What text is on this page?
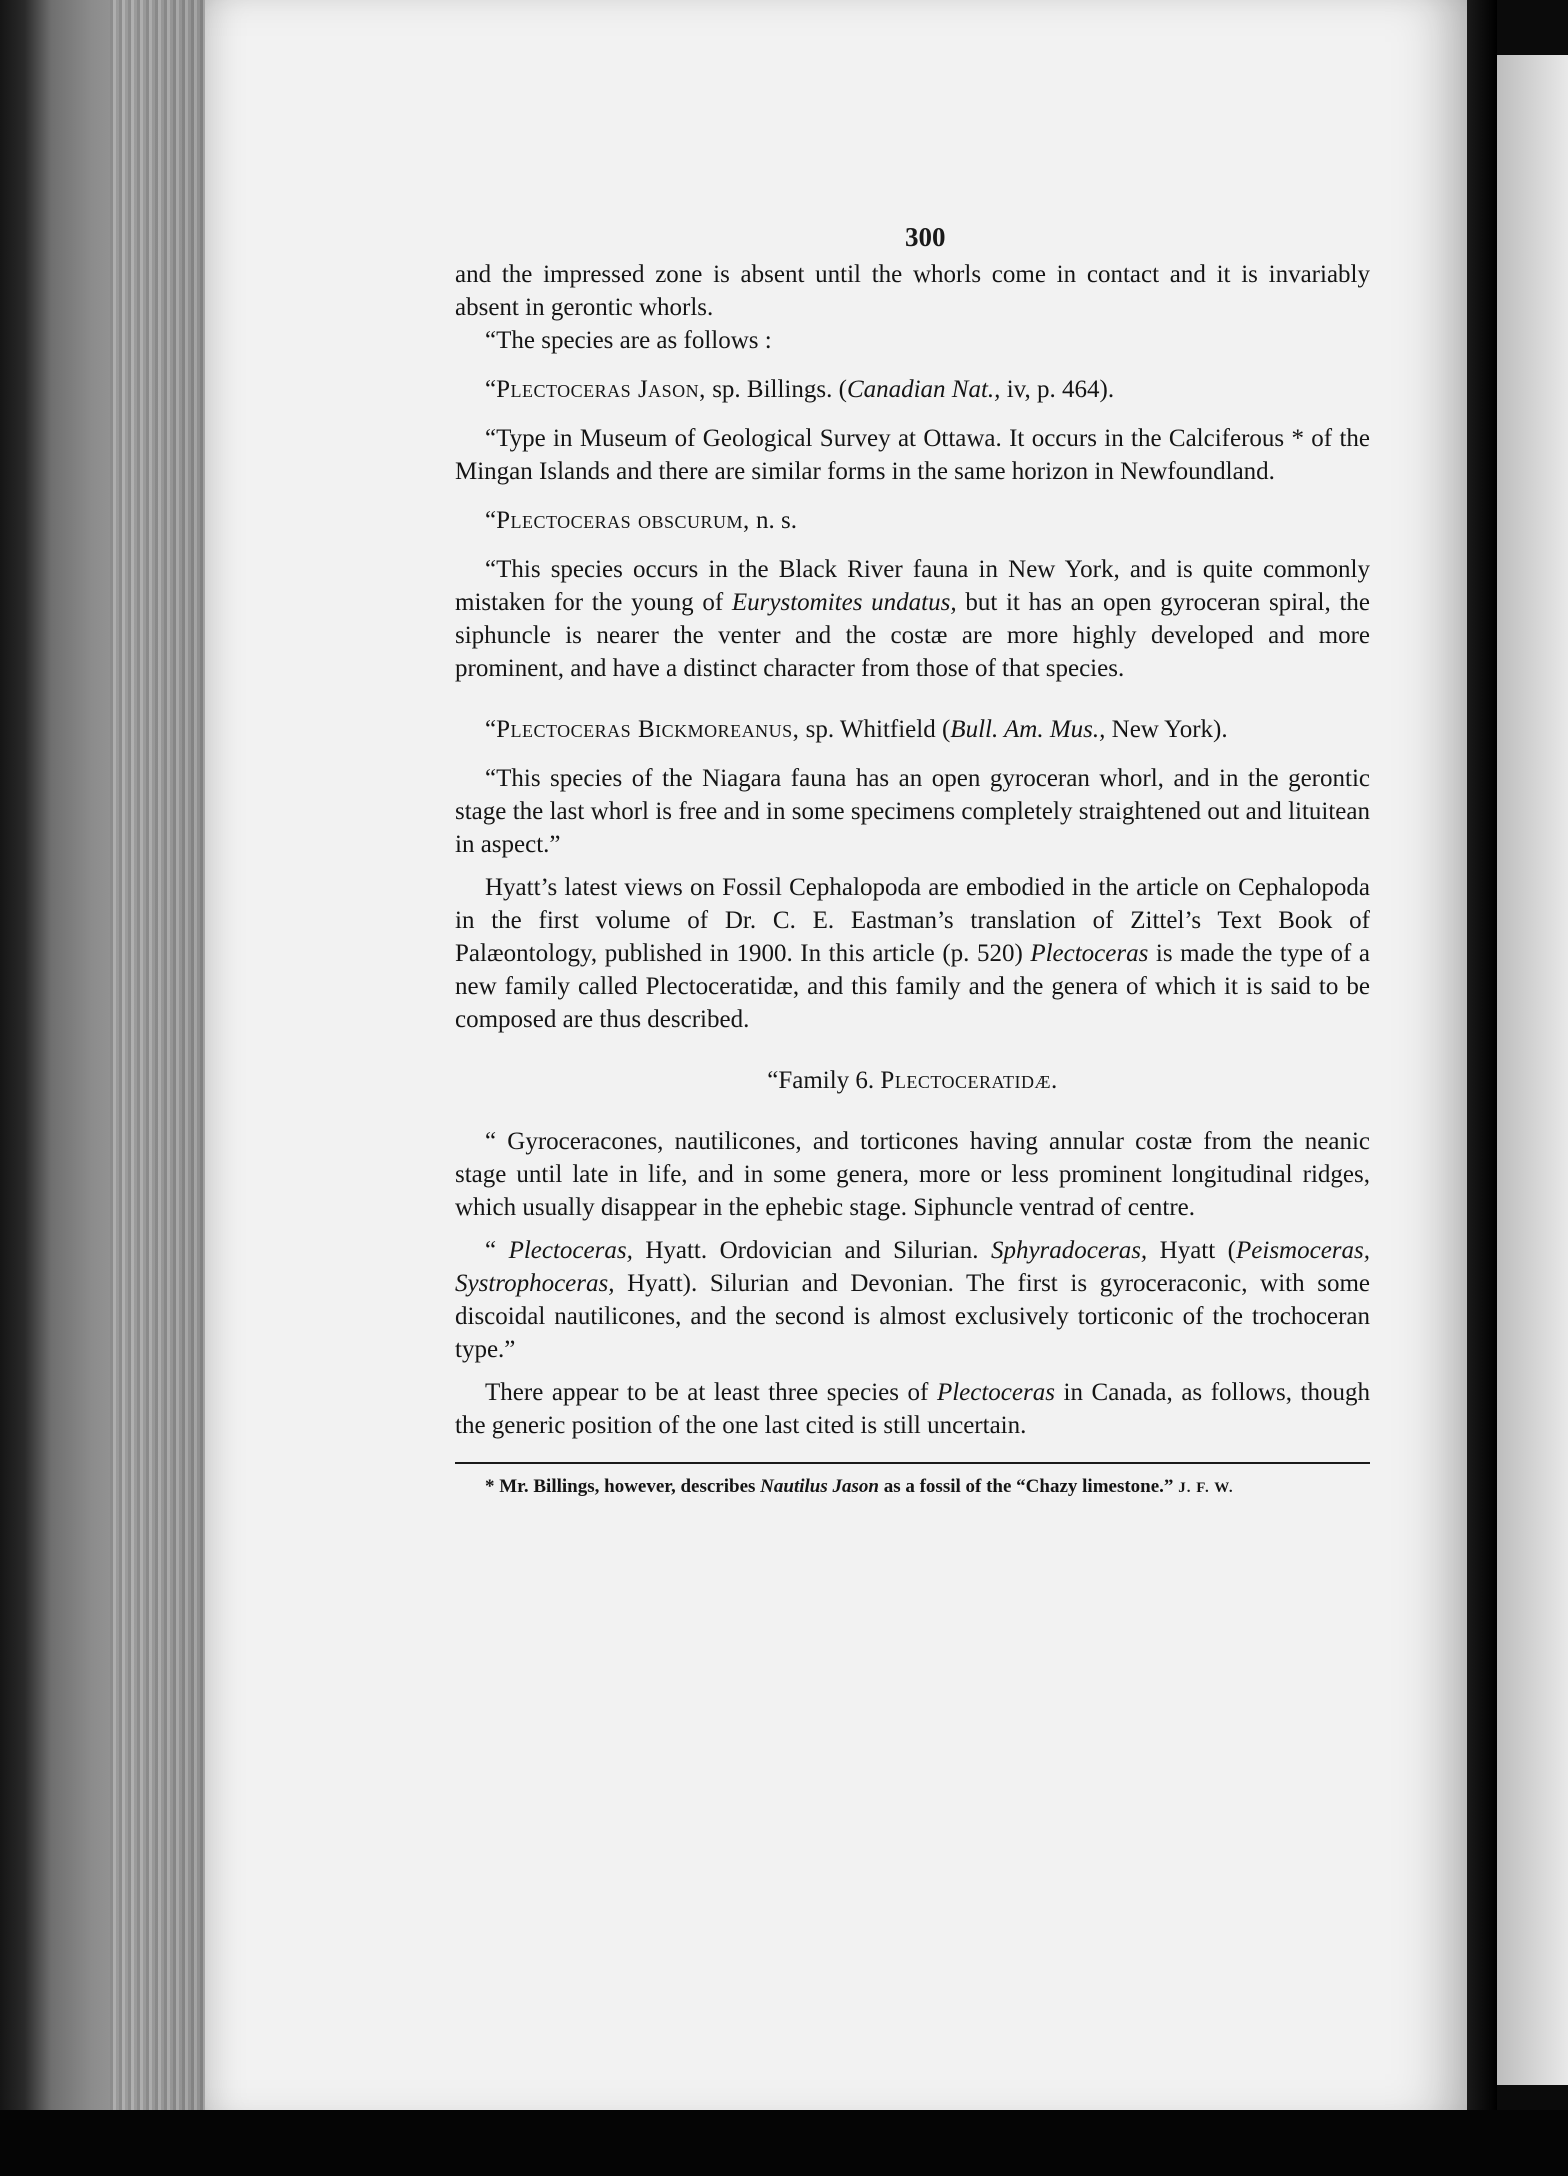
300

and the impressed zone is absent until the whorls come in contact and it is invariably absent in gerontic whorls.

“The species are as follows :

“Plectoceras Jason, sp. Billings. (Canadian Nat., iv, p. 464).

“Type in Museum of Geological Survey at Ottawa. It occurs in the Calciferous * of the Mingan Islands and there are similar forms in the same horizon in Newfoundland.

“Plectoceras obscurum, n. s.

“This species occurs in the Black River fauna in New York, and is quite commonly mistaken for the young of Eurystomites undatus, but it has an open gyroceran spiral, the siphuncle is nearer the venter and the costæ are more highly developed and more prominent, and have a distinct character from those of that species.

“Plectoceras Bickmoreanus, sp. Whitfield (Bull. Am. Mus., New York).

“This species of the Niagara fauna has an open gyroceran whorl, and in the gerontic stage the last whorl is free and in some specimens completely straightened out and lituitean in aspect.”

Hyatt’s latest views on Fossil Cephalopoda are embodied in the article on Cephalopoda in the first volume of Dr. C. E. Eastman’s translation of Zittel’s Text Book of Palæontology, published in 1900. In this article (p. 520) Plectoceras is made the type of a new family called Plectoceratidæ, and this family and the genera of which it is said to be composed are thus described.

“Family 6. Plectoceratidæ.

“ Gyroceracones, nautilicones, and torticones having annular costæ from the neanic stage until late in life, and in some genera, more or less prominent longitudinal ridges, which usually disappear in the ephebic stage. Siphuncle ventrad of centre.

“ Plectoceras, Hyatt. Ordovician and Silurian. Sphyradoceras, Hyatt (Peismoceras, Systrophoceras, Hyatt). Silurian and Devonian. The first is gyroceraconic, with some discoidal nautilicones, and the second is almost exclusively torticonic of the trochoceran type.”

There appear to be at least three species of Plectoceras in Canada, as follows, though the generic position of the one last cited is still uncertain.

* Mr. Billings, however, describes Nautilus Jason as a fossil of the “Chazy limestone.” J. F. W.
